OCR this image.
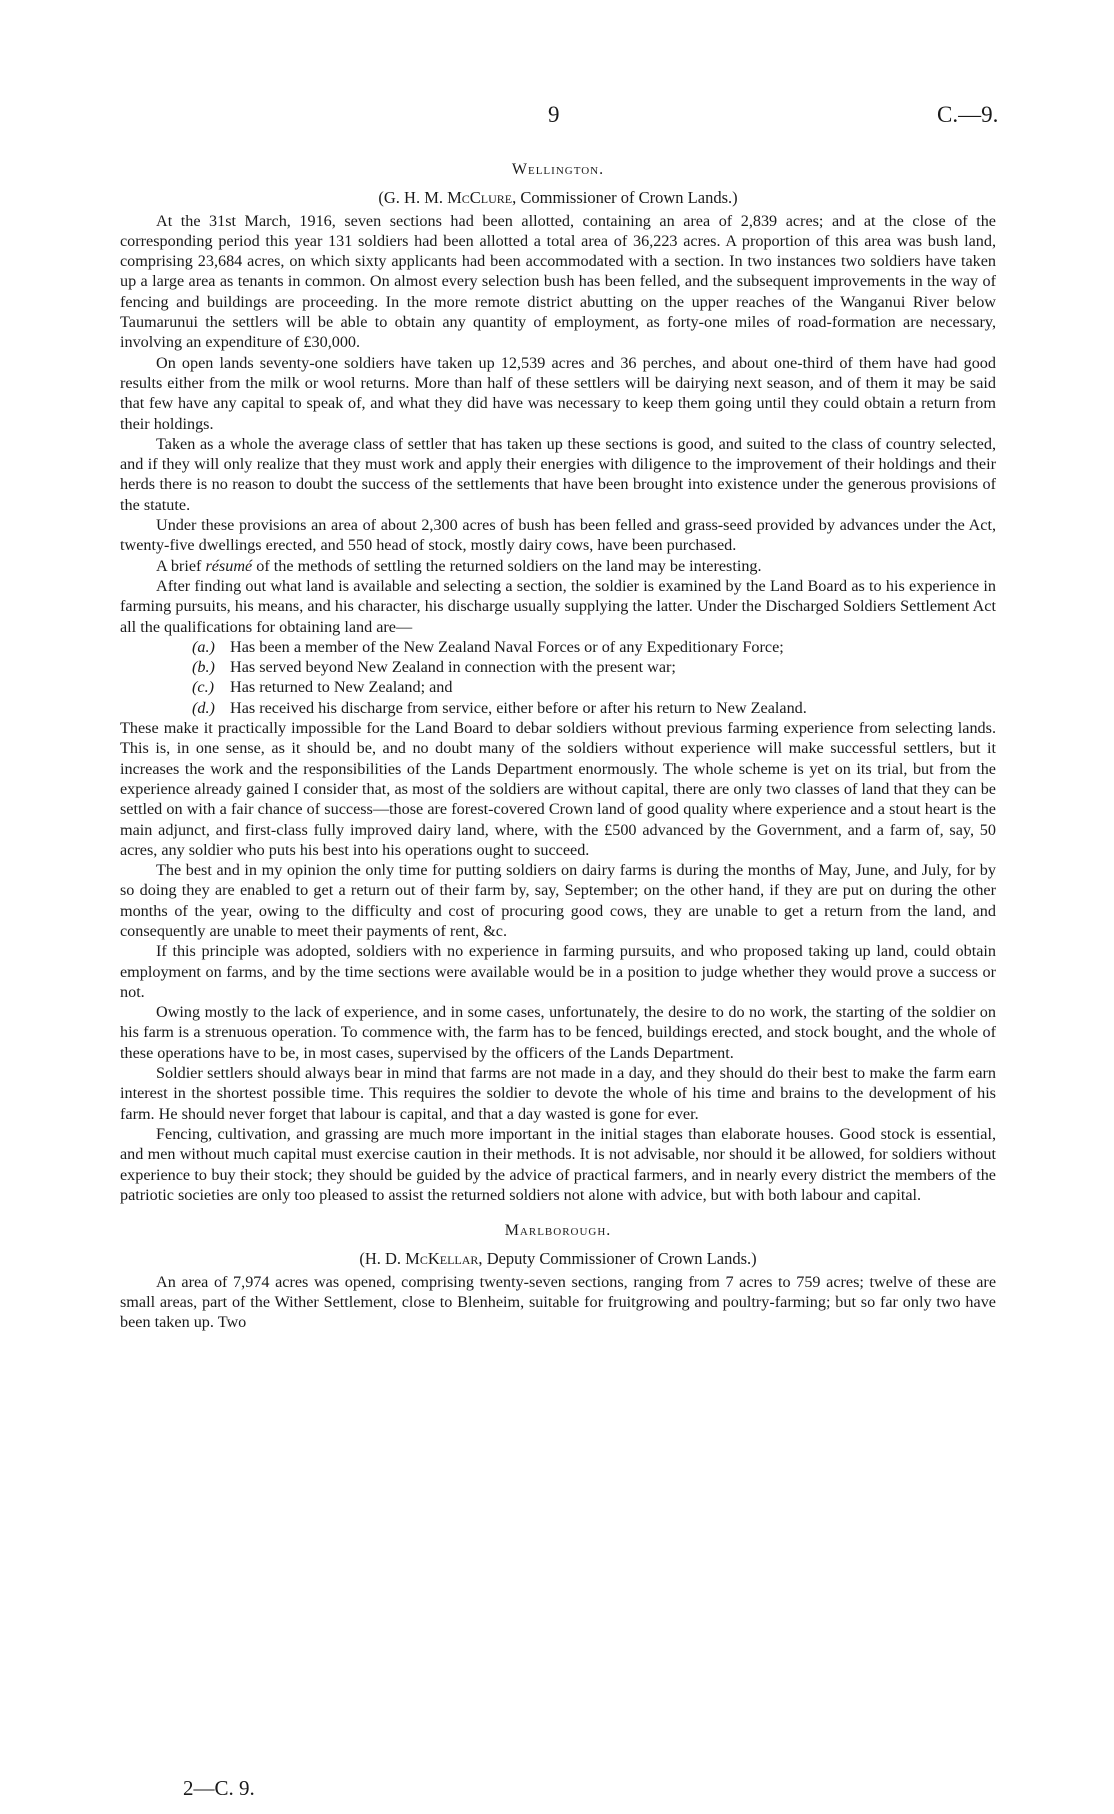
9	C.—9.
Wellington.
(G. H. M. McClure, Commissioner of Crown Lands.)

At the 31st March, 1916, seven sections had been allotted, containing an area of 2,839 acres; and at the close of the corresponding period this year 131 soldiers had been allotted a total area of 36,223 acres. A proportion of this area was bush land, comprising 23,684 acres, on which sixty applicants had been accommodated with a section. In two instances two soldiers have taken up a large area as tenants in common. On almost every selection bush has been felled, and the subsequent improvements in the way of fencing and buildings are proceeding. In the more remote district abutting on the upper reaches of the Wanganui River below Taumarunui the settlers will be able to obtain any quantity of employment, as forty-one miles of road-formation are necessary, involving an expenditure of £30,000.

On open lands seventy-one soldiers have taken up 12,539 acres and 36 perches, and about one-third of them have had good results either from the milk or wool returns. More than half of these settlers will be dairying next season, and of them it may be said that few have any capital to speak of, and what they did have was necessary to keep them going until they could obtain a return from their holdings.

Taken as a whole the average class of settler that has taken up these sections is good, and suited to the class of country selected, and if they will only realize that they must work and apply their energies with diligence to the improvement of their holdings and their herds there is no reason to doubt the success of the settlements that have been brought into existence under the generous provisions of the statute.

Under these provisions an area of about 2,300 acres of bush has been felled and grass-seed provided by advances under the Act, twenty-five dwellings erected, and 550 head of stock, mostly dairy cows, have been purchased.

A brief résumé of the methods of settling the returned soldiers on the land may be interesting.

After finding out what land is available and selecting a section, the soldier is examined by the Land Board as to his experience in farming pursuits, his means, and his character, his discharge usually supplying the latter. Under the Discharged Soldiers Settlement Act all the qualifications for obtaining land are—

(a.) Has been a member of the New Zealand Naval Forces or of any Expeditionary Force;
(b.) Has served beyond New Zealand in connection with the present war;
(c.) Has returned to New Zealand; and
(d.) Has received his discharge from service, either before or after his return to New Zealand.

These make it practically impossible for the Land Board to debar soldiers without previous farming experience from selecting lands. This is, in one sense, as it should be, and no doubt many of the soldiers without experience will make successful settlers, but it increases the work and the responsibilities of the Lands Department enormously. The whole scheme is yet on its trial, but from the experience already gained I consider that, as most of the soldiers are without capital, there are only two classes of land that they can be settled on with a fair chance of success—those are forest-covered Crown land of good quality where experience and a stout heart is the main adjunct, and first-class fully improved dairy land, where, with the £500 advanced by the Government, and a farm of, say, 50 acres, any soldier who puts his best into his operations ought to succeed.

The best and in my opinion the only time for putting soldiers on dairy farms is during the months of May, June, and July, for by so doing they are enabled to get a return out of their farm by, say, September; on the other hand, if they are put on during the other months of the year, owing to the difficulty and cost of procuring good cows, they are unable to get a return from the land, and consequently are unable to meet their payments of rent, &c.

If this principle was adopted, soldiers with no experience in farming pursuits, and who proposed taking up land, could obtain employment on farms, and by the time sections were available would be in a position to judge whether they would prove a success or not.

Owing mostly to the lack of experience, and in some cases, unfortunately, the desire to do no work, the starting of the soldier on his farm is a strenuous operation. To commence with, the farm has to be fenced, buildings erected, and stock bought, and the whole of these operations have to be, in most cases, supervised by the officers of the Lands Department.

Soldier settlers should always bear in mind that farms are not made in a day, and they should do their best to make the farm earn interest in the shortest possible time. This requires the soldier to devote the whole of his time and brains to the development of his farm. He should never forget that labour is capital, and that a day wasted is gone for ever.

Fencing, cultivation, and grassing are much more important in the initial stages than elaborate houses. Good stock is essential, and men without much capital must exercise caution in their methods. It is not advisable, nor should it be allowed, for soldiers without experience to buy their stock; they should be guided by the advice of practical farmers, and in nearly every district the members of the patriotic societies are only too pleased to assist the returned soldiers not alone with advice, but with both labour and capital.

Marlborough.
(H. D. McKellar, Deputy Commissioner of Crown Lands.)

An area of 7,974 acres was opened, comprising twenty-seven sections, ranging from 7 acres to 759 acres; twelve of these are small areas, part of the Wither Settlement, close to Blenheim, suitable for fruitgrowing and poultry-farming; but so far only two have been taken up. Two

2—C. 9.
